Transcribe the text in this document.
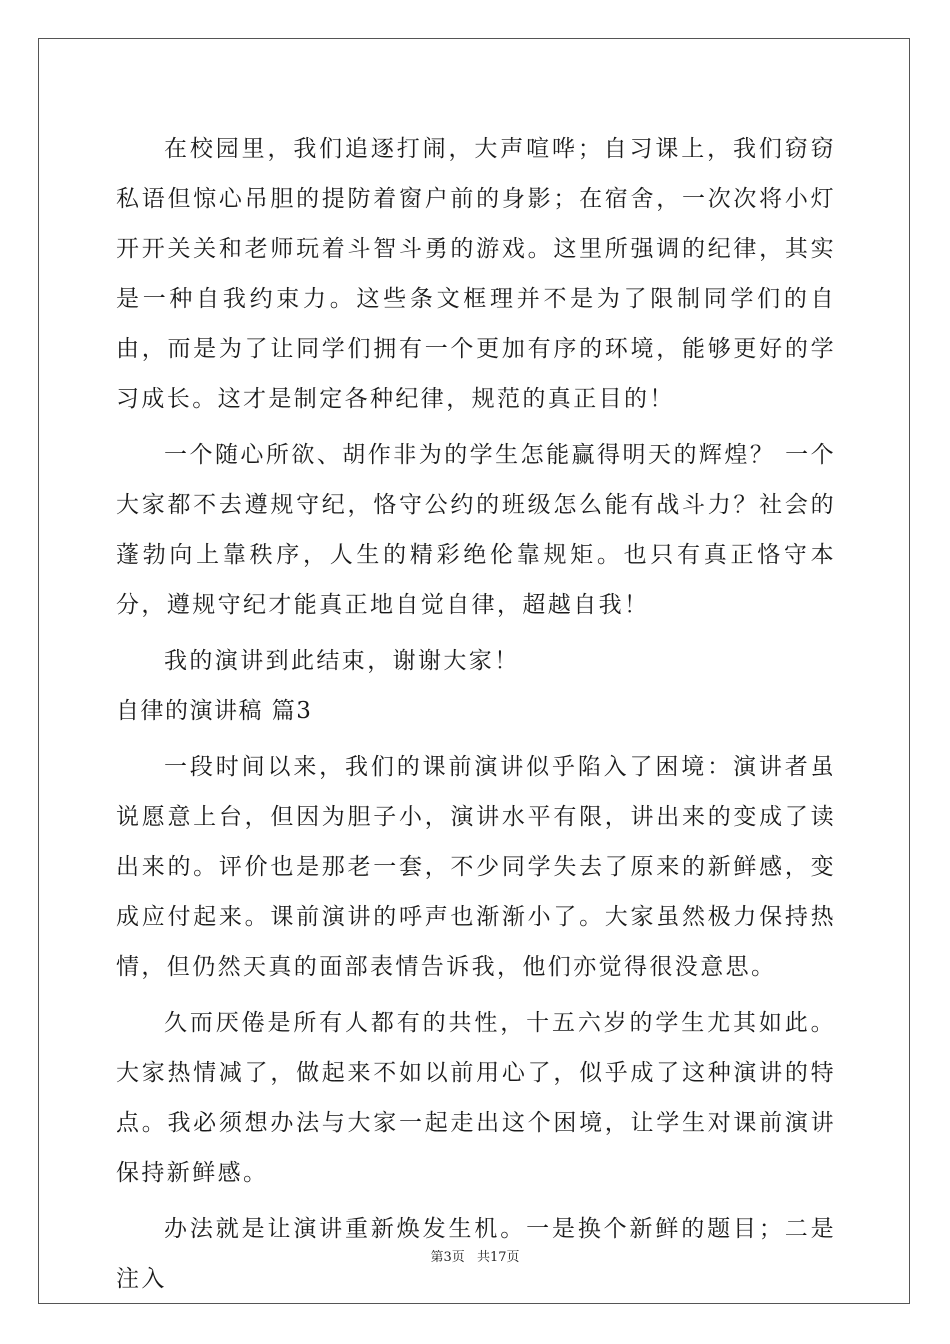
在校园里，我们追逐打闹，大声喧哗；自习课上，我们窃窃私语但惊心吊胆的提防着窗户前的身影；在宿舍，一次次将小灯开开关关和老师玩着斗智斗勇的游戏。这里所强调的纪律，其实是一种自我约束力。这些条文框理并不是为了限制同学们的自由，而是为了让同学们拥有一个更加有序的环境，能够更好的学习成长。这才是制定各种纪律，规范的真正目的！

一个随心所欲、胡作非为的学生怎能赢得明天的辉煌？ 一个大家都不去遵规守纪，恪守公约的班级怎么能有战斗力？社会的蓬勃向上靠秩序，人生的精彩绝伦靠规矩。也只有真正恪守本分，遵规守纪才能真正地自觉自律，超越自我！

我的演讲到此结束，谢谢大家！

自律的演讲稿 篇3

一段时间以来，我们的课前演讲似乎陷入了困境：演讲者虽说愿意上台，但因为胆子小，演讲水平有限，讲出来的变成了读出来的。评价也是那老一套，不少同学失去了原来的新鲜感，变成应付起来。课前演讲的呼声也渐渐小了。大家虽然极力保持热情，但仍然天真的面部表情告诉我，他们亦觉得很没意思。

久而厌倦是所有人都有的共性，十五六岁的学生尤其如此。大家热情减了，做起来不如以前用心了，似乎成了这种演讲的特点。我必须想办法与大家一起走出这个困境，让学生对课前演讲保持新鲜感。

办法就是让演讲重新焕发生机。一是换个新鲜的题目；二是注入

第3页 共17页
